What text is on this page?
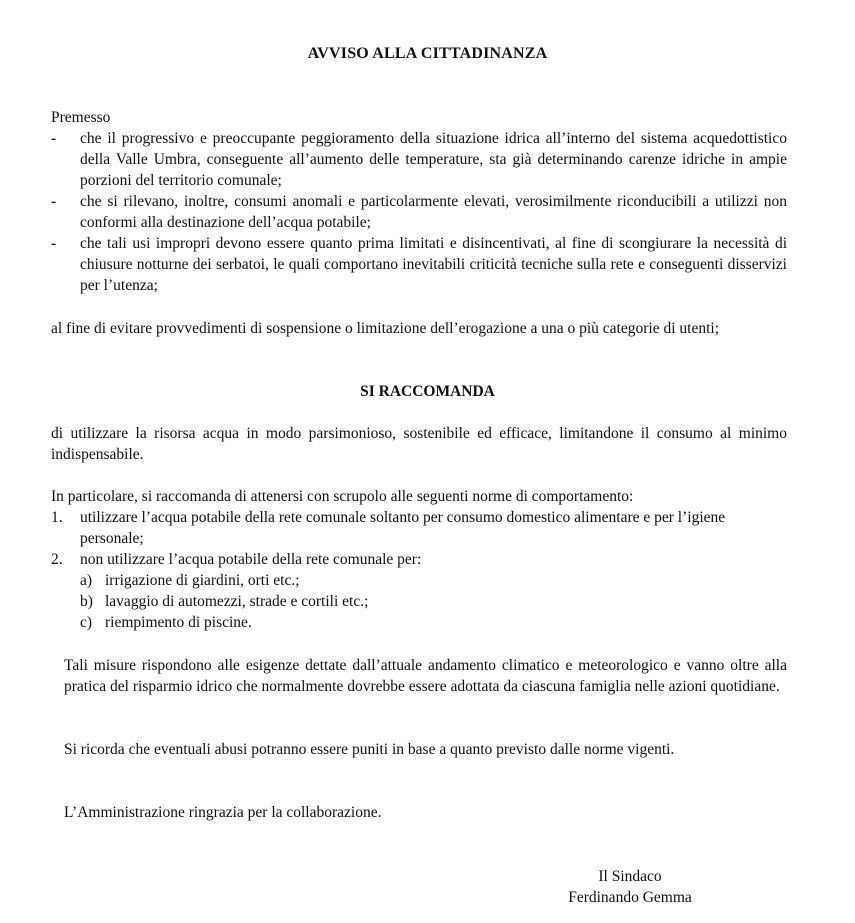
AVVISO ALLA CITTADINANZA
Premesso
- che il progressivo e preoccupante peggioramento della situazione idrica all’interno del sistema acquedottistico della Valle Umbra, conseguente all’aumento delle temperature, sta già determinando carenze idriche in ampie porzioni del territorio comunale;
- che si rilevano, inoltre, consumi anomali e particolarmente elevati, verosimilmente riconducibili a utilizzi non conformi alla destinazione dell’acqua potabile;
- che tali usi impropri devono essere quanto prima limitati e disincentivati, al fine di scongiurare la necessità di chiusure notturne dei serbatoi, le quali comportano inevitabili criticità tecniche sulla rete e conseguenti disservizi per l’utenza;
al fine di evitare provvedimenti di sospensione o limitazione dell’erogazione a una o più categorie di utenti;
SI RACCOMANDA
di utilizzare la risorsa acqua in modo parsimonioso, sostenibile ed efficace, limitandone il consumo al minimo indispensabile.
In particolare, si raccomanda di attenersi con scrupolo alle seguenti norme di comportamento:
1. utilizzare l’acqua potabile della rete comunale soltanto per consumo domestico alimentare e per l’igiene personale;
2. non utilizzare l’acqua potabile della rete comunale per:
a) irrigazione di giardini, orti etc.;
b) lavaggio di automezzi, strade e cortili etc.;
c) riempimento di piscine.
Tali misure rispondono alle esigenze dettate dall’attuale andamento climatico e meteorologico e vanno oltre alla pratica del risparmio idrico che normalmente dovrebbe essere adottata da ciascuna famiglia nelle azioni quotidiane.
Si ricorda che eventuali abusi potranno essere puniti in base a quanto previsto dalle norme vigenti.
L’Amministrazione ringrazia per la collaborazione.
Il Sindaco
Ferdinando Gemma
